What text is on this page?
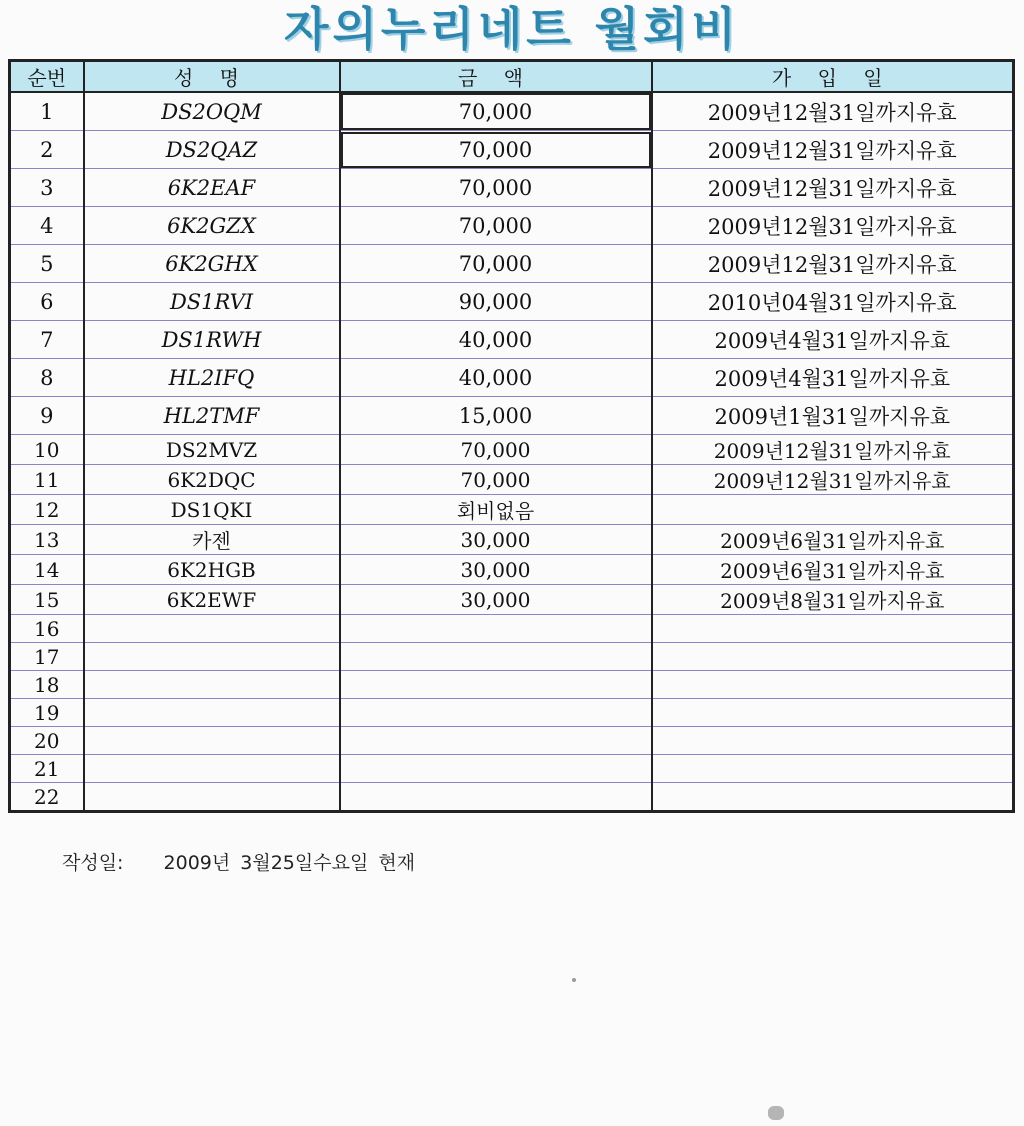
자의누리네트 월회비
순번	성 명	금 액	가 입 일
1	DS2OQM	70,000	2009년12월31일까지유효
2	DS2QAZ	70,000	2009년12월31일까지유효
3	6K2EAF	70,000	2009년12월31일까지유효
4	6K2GZX	70,000	2009년12월31일까지유효
5	6K2GHX	70,000	2009년12월31일까지유효
6	DS1RVI	90,000	2010년04월31일까지유효
7	DS1RWH	40,000	2009년4월31일까지유효
8	HL2IFQ	40,000	2009년4월31일까지유효
9	HL2TMF	15,000	2009년1월31일까지유효
10	DS2MVZ	70,000	2009년12월31일까지유효
11	6K2DQC	70,000	2009년12월31일까지유효
12	DS1QKI	회비없음	
13	카젠	30,000	2009년6월31일까지유효
14	6K2HGB	30,000	2009년6월31일까지유효
15	6K2EWF	30,000	2009년8월31일까지유효
16			
17			
18			
19			
20			
21			
22			
작성일: 2009년 3월25일수요일 현재
